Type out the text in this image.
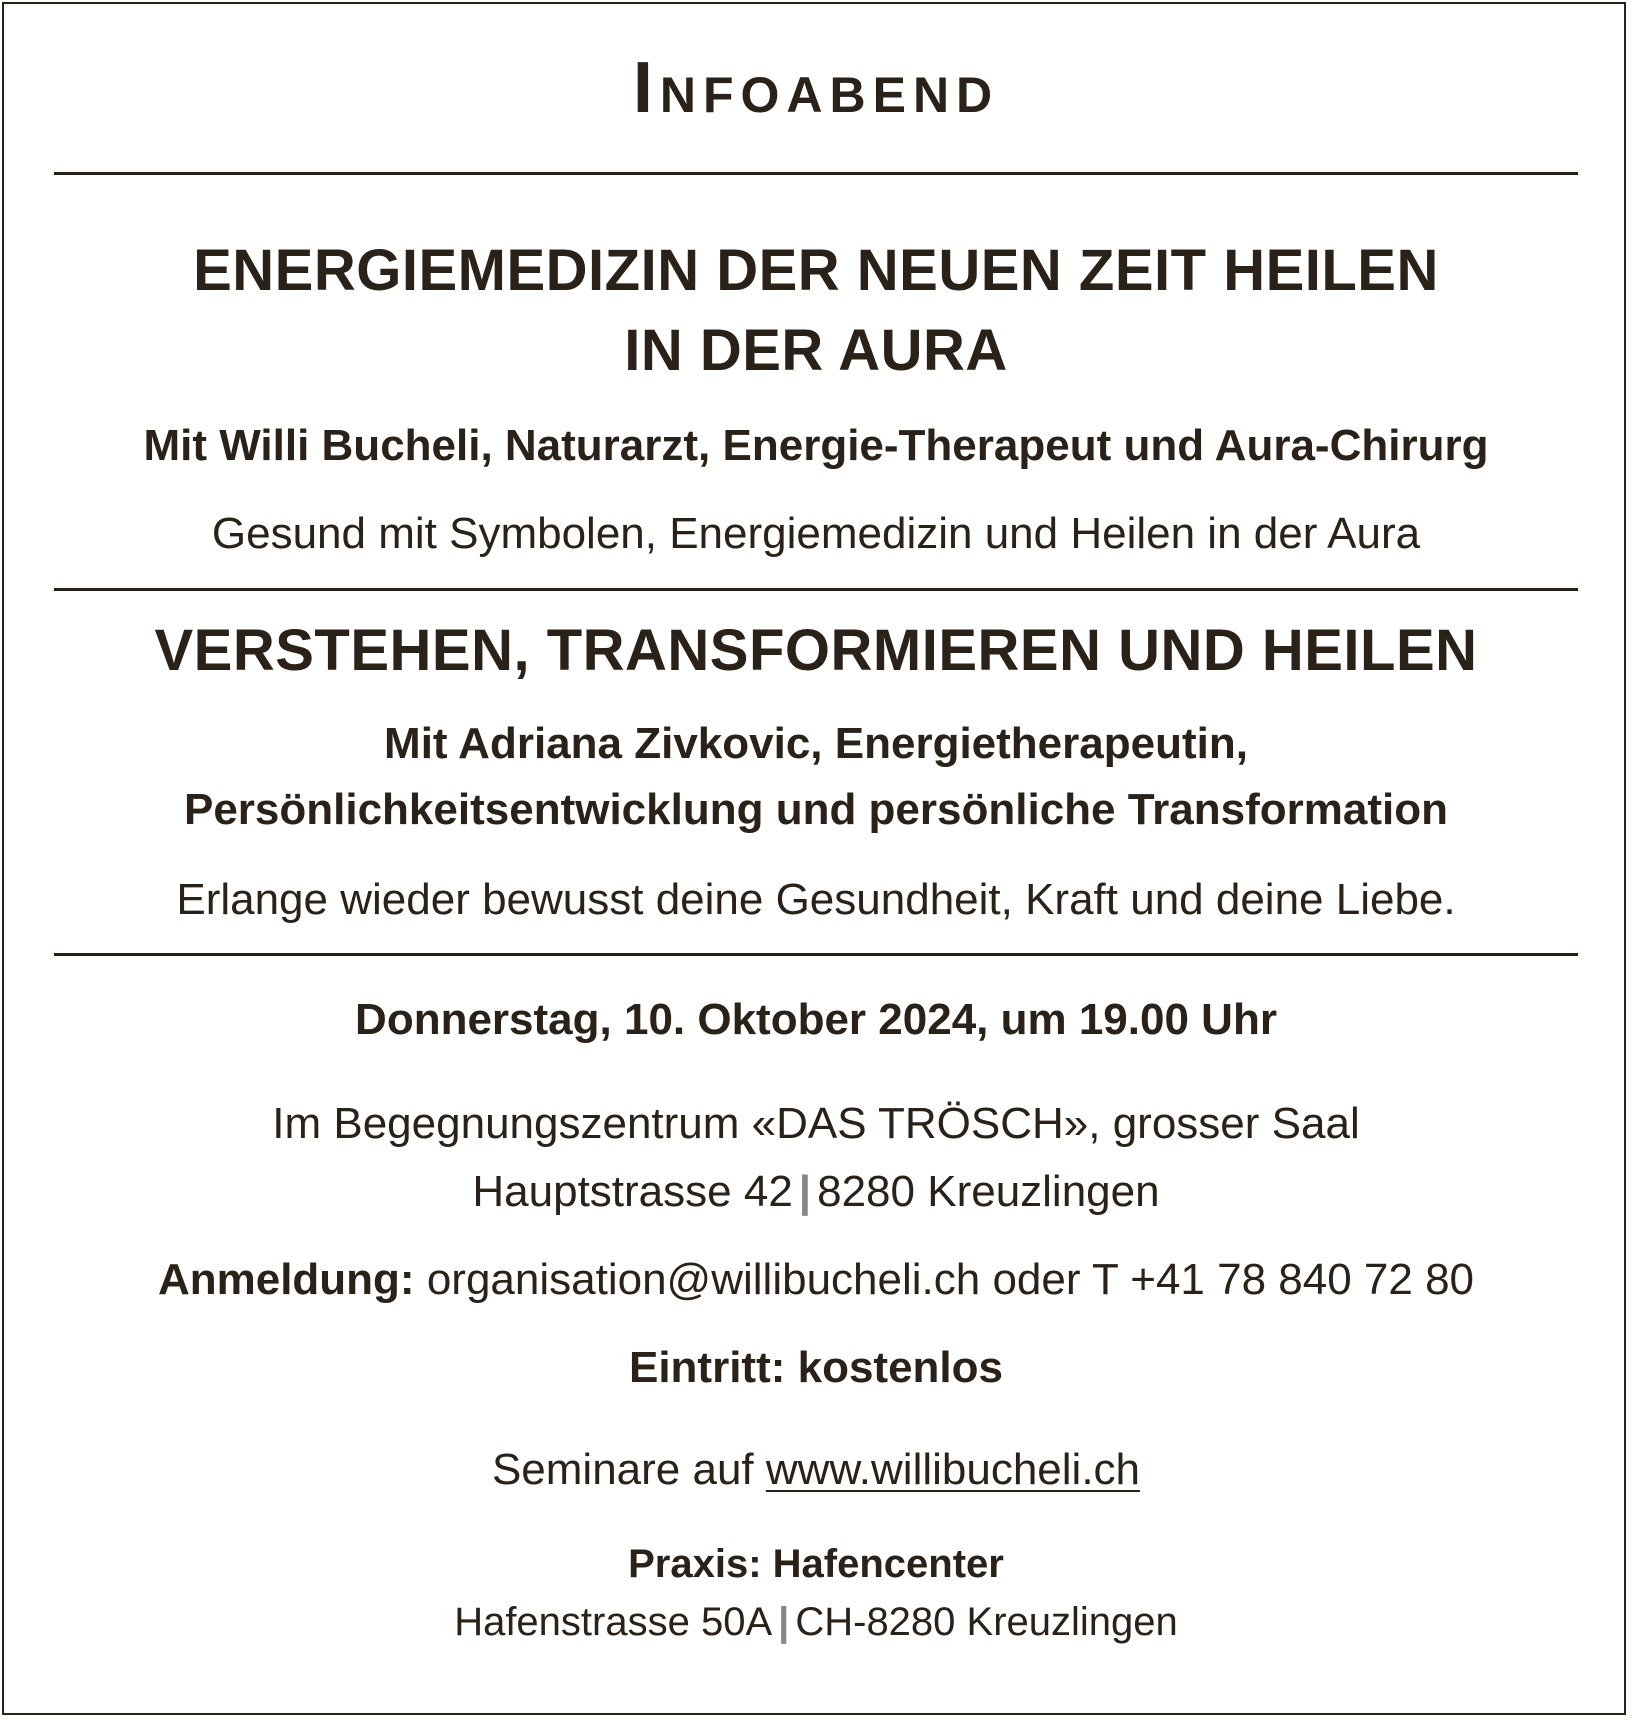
Infoabend
ENERGIEMEDIZIN DER NEUEN ZEIT HEILEN
IN DER AURA
Mit Willi Bucheli, Naturarzt, Energie-Therapeut und Aura-Chirurg
Gesund mit Symbolen, Energiemedizin und Heilen in der Aura
VERSTEHEN, TRANSFORMIEREN UND HEILEN
Mit Adriana Zivkovic, Energietherapeutin,
Persönlichkeitsentwicklung und persönliche Transformation
Erlange wieder bewusst deine Gesundheit, Kraft und deine Liebe.
Donnerstag, 10. Oktober 2024, um 19.00 Uhr
Im Begegnungszentrum «DAS TRÖSCH», grosser Saal
Hauptstrasse 42 | 8280 Kreuzlingen
Anmeldung: organisation@willibucheli.ch oder T +41 78 840 72 80
Eintritt: kostenlos
Seminare auf www.willibucheli.ch
Praxis: Hafencenter
Hafenstrasse 50A | CH-8280 Kreuzlingen
